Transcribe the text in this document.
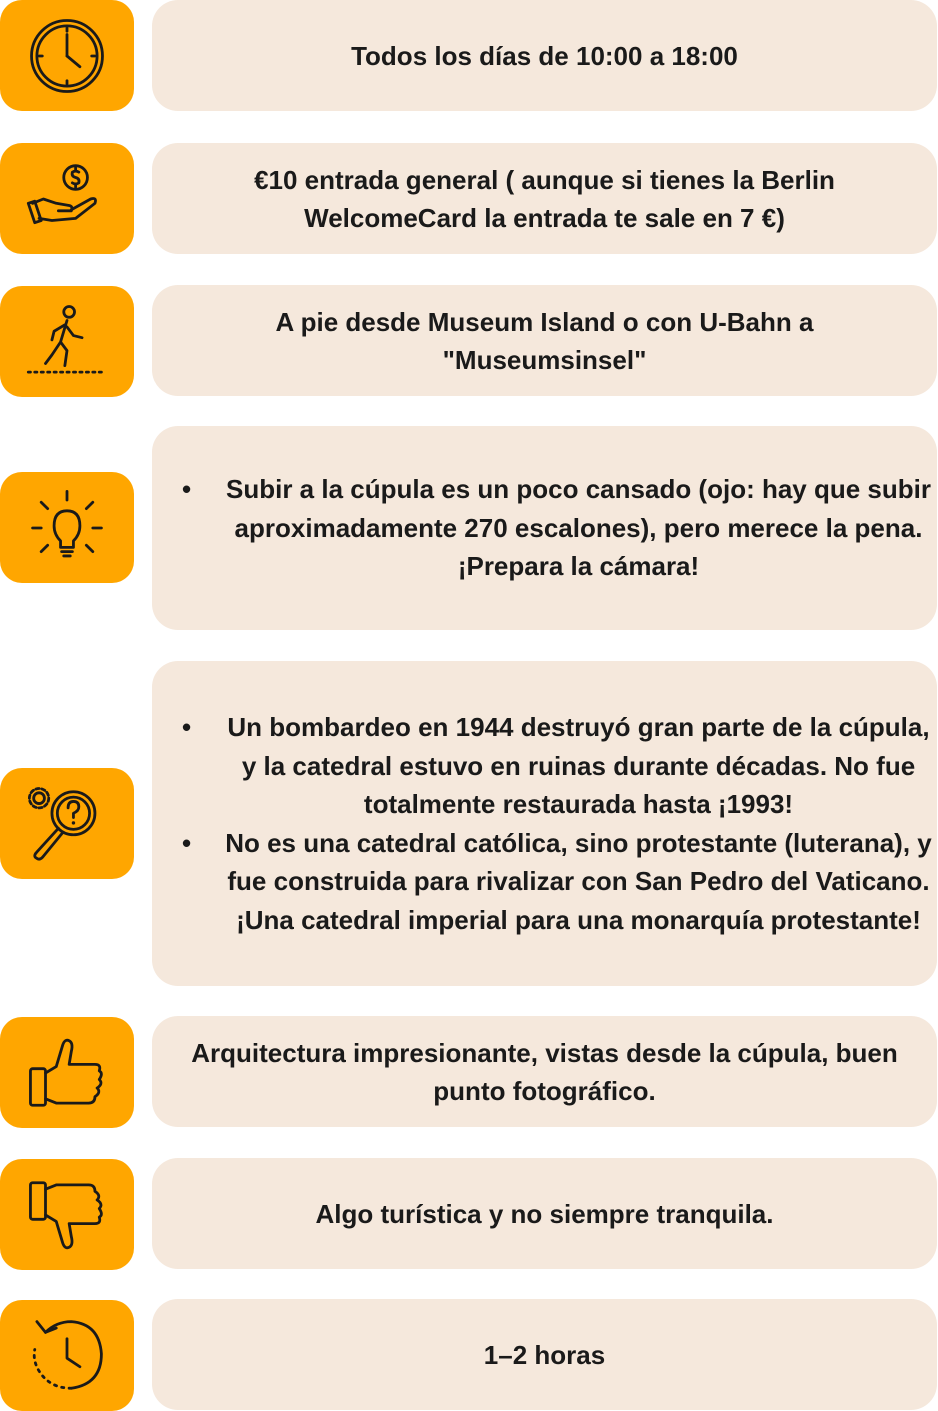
Todos los días de 10:00 a 18:00
€10 entrada general ( aunque si tienes la Berlin WelcomeCard la entrada te sale en 7 €)
A pie desde Museum Island o con U-Bahn a "Museumsinsel"
• Subir a la cúpula es un poco cansado (ojo: hay que subir aproximadamente 270 escalones), pero merece la pena. ¡Prepara la cámara!
• Un bombardeo en 1944 destruyó gran parte de la cúpula, y la catedral estuvo en ruinas durante décadas. No fue totalmente restaurada hasta ¡1993!
• No es una catedral católica, sino protestante (luterana), y fue construida para rivalizar con San Pedro del Vaticano. ¡Una catedral imperial para una monarquía protestante!
Arquitectura impresionante, vistas desde la cúpula, buen punto fotográfico.
Algo turística y no siempre tranquila.
1–2 horas
